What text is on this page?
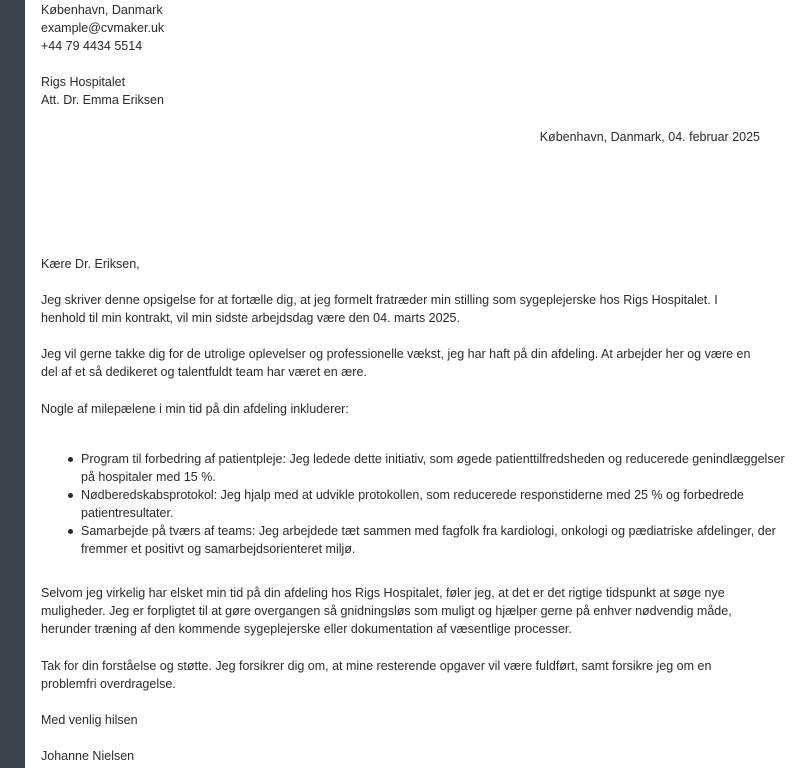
København, Danmark

example@cvmaker.uk

+44 79 4434 5514

Rigs Hospitalet

Att. Dr. Emma Eriksen

København, Danmark, 04. februar 2025

Kære Dr. Eriksen,

Jeg skriver denne opsigelse for at fortælle dig, at jeg formelt fratræder min stilling som sygeplejerske hos Rigs Hospitalet. I henhold til min kontrakt, vil min sidste arbejdsdag være den 04. marts 2025.

Jeg vil gerne takke dig for de utrolige oplevelser og professionelle vækst, jeg har haft på din afdeling. At arbejder her og være en del af et så dedikeret og talentfuldt team har været en ære.

Nogle af milepælene i min tid på din afdeling inkluderer:

Program til forbedring af patientpleje: Jeg ledede dette initiativ, som øgede patienttilfredsheden og reducerede genindlæggelser på hospitaler med 15 %.
Nødberedskabsprotokol: Jeg hjalp med at udvikle protokollen, som reducerede responstiderne med 25 % og forbedrede patientresultater.
Samarbejde på tværs af teams: Jeg arbejdede tæt sammen med fagfolk fra kardiologi, onkologi og pædiatriske afdelinger, der fremmer et positivt og samarbejdsorienteret miljø.

Selvom jeg virkelig har elsket min tid på din afdeling hos Rigs Hospitalet, føler jeg, at det er det rigtige tidspunkt at søge nye muligheder. Jeg er forpligtet til at gøre overgangen så gnidningsløs som muligt og hjælper gerne på enhver nødvendig måde, herunder træning af den kommende sygeplejerske eller dokumentation af væsentlige processer.

Tak for din forståelse og støtte. Jeg forsikrer dig om, at mine resterende opgaver vil være fuldført, samt forsikre jeg om en problemfri overdragelse.

Med venlig hilsen

Johanne Nielsen
